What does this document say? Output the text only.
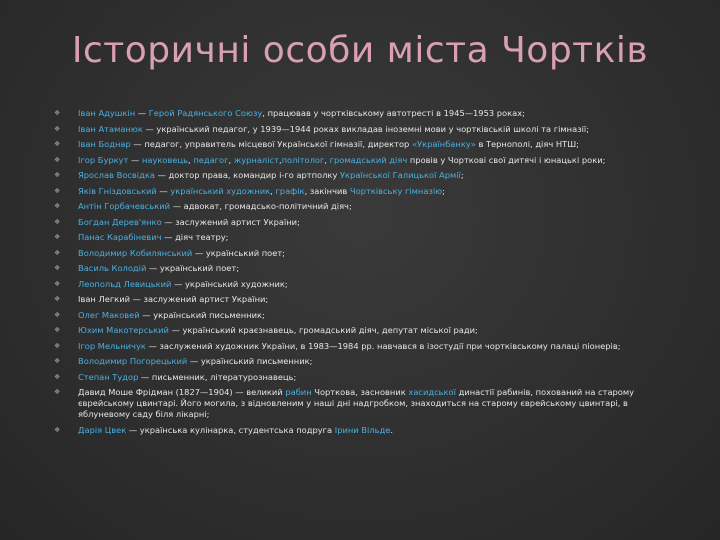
Історичні особи міста Чортків
❖ Іван Адушкін — Герой Радянського Союзу, працював у чортківському автотресті в 1945—1953 роках;
❖ Іван Атаманюк — український педагог, у 1939—1944 роках викладав іноземні мови у чортківській школі та гімназії;
❖ Іван Боднар — педагог, управитель місцевої Української гімназії, директор «Українбанку» в Тернополі, діяч НТШ;
❖ Ігор Буркут — науковець, педагог, журналіст,політолог, громадський діяч провів у Чорткові свої дитячі і юнацькі роки;
❖ Ярослав Восвідка — доктор права, командир і-го артполку Української Галицької Армії;
❖ Яків Гніздовський — український художник, графік, закінчив Чортківську гімназію;
❖ Антін Горбачевський — адвокат, громадсько-політичний діяч;
❖ Богдан Дерев'янко — заслужений артист України;
❖ Панас Карабіневич — діяч театру;
❖ Володимир Кобилянський — український поет;
❖ Василь Колодій — український поет;
❖ Леопольд Левицький — український художник;
❖ Іван Легкий — заслужений артист України;
❖ Олег Маковей — український письменник;
❖ Юхим Макотерський — український краєзнавець, громадський діяч, депутат міської ради;
❖ Ігор Мельничук — заслужений художник України, в 1983—1984 рр. навчався в ізостудії при чортківському палаці піонерів;
❖ Володимир Погорецький — український письменник;
❖ Степан Тудор — письменник, літературознавець;
❖ Давид Моше Фрідман (1827—1904) — великий рабин Чорткова, засновник хасидської династії рабинів, похований на старому єврейському цвинтарі. Його могила, з відновленим у наші дні надгробком, знаходиться на старому єврейському цвинтарі, в яблуневому саду біля лікарні;
❖ Дарія Цвек — українська кулінарка, студентська подруга Ірини Вільде.
